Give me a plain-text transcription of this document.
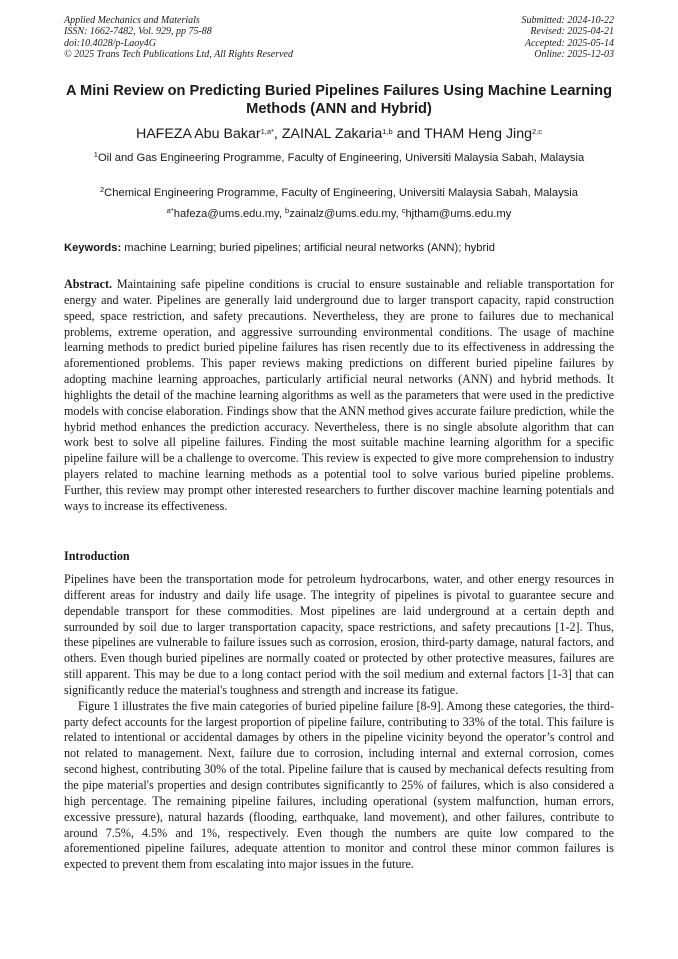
Applied Mechanics and Materials
ISSN: 1662-7482, Vol. 929, pp 75-88
doi:10.4028/p-Laoy4G
© 2025 Trans Tech Publications Ltd, All Rights Reserved
Submitted: 2024-10-22
Revised: 2025-04-21
Accepted: 2025-05-14
Online: 2025-12-03
A Mini Review on Predicting Buried Pipelines Failures Using Machine Learning Methods (ANN and Hybrid)
HAFEZA Abu Bakar$^{1,a*}$, ZAINAL Zakaria$^{1,b}$ and THAM Heng Jing$^{2,c}$
$^1$Oil and Gas Engineering Programme, Faculty of Engineering, Universiti Malaysia Sabah, Malaysia
$^2$Chemical Engineering Programme, Faculty of Engineering, Universiti Malaysia Sabah, Malaysia
$^{a*}$hafeza@ums.edu.my, $^b$zainalz@ums.edu.my, $^c$hjtham@ums.edu.my
Keywords: machine Learning; buried pipelines; artificial neural networks (ANN); hybrid
Abstract. Maintaining safe pipeline conditions is crucial to ensure sustainable and reliable transportation for energy and water. Pipelines are generally laid underground due to larger transport capacity, rapid construction speed, space restriction, and safety precautions. Nevertheless, they are prone to failures due to mechanical problems, extreme operation, and aggressive surrounding environmental conditions. The usage of machine learning methods to predict buried pipeline failures has risen recently due to its effectiveness in addressing the aforementioned problems. This paper reviews making predictions on different buried pipeline failures by adopting machine learning approaches, particularly artificial neural networks (ANN) and hybrid methods. It highlights the detail of the machine learning algorithms as well as the parameters that were used in the predictive models with concise elaboration. Findings show that the ANN method gives accurate failure prediction, while the hybrid method enhances the prediction accuracy. Nevertheless, there is no single absolute algorithm that can work best to solve all pipeline failures. Finding the most suitable machine learning algorithm for a specific pipeline failure will be a challenge to overcome. This review is expected to give more comprehension to industry players related to machine learning methods as a potential tool to solve various buried pipeline problems. Further, this review may prompt other interested researchers to further discover machine learning potentials and ways to increase its effectiveness.
Introduction

Pipelines have been the transportation mode for petroleum hydrocarbons, water, and other energy resources in different areas for industry and daily life usage. The integrity of pipelines is pivotal to guarantee secure and dependable transport for these commodities. Most pipelines are laid underground at a certain depth and surrounded by soil due to larger transportation capacity, space restrictions, and safety precautions [1-2]. Thus, these pipelines are vulnerable to failure issues such as corrosion, erosion, third-party damage, natural factors, and others. Even though buried pipelines are normally coated or protected by other protective measures, failures are still apparent. This may be due to a long contact period with the soil medium and external factors [1-3] that can significantly reduce the material's toughness and strength and increase its fatigue.

Figure 1 illustrates the five main categories of buried pipeline failure [8-9]. Among these categories, the third-party defect accounts for the largest proportion of pipeline failure, contributing to 33% of the total. This failure is related to intentional or accidental damages by others in the pipeline vicinity beyond the operator’s control and not related to management. Next, failure due to corrosion, including internal and external corrosion, comes second highest, contributing 30% of the total. Pipeline failure that is caused by mechanical defects resulting from the pipe material's properties and design contributes significantly to 25% of failures, which is also considered a high percentage. The remaining pipeline failures, including operational (system malfunction, human errors, excessive pressure), natural hazards (flooding, earthquake, land movement), and other failures, contribute to around 7.5%, 4.5% and 1%, respectively. Even though the numbers are quite low compared to the aforementioned pipeline failures, adequate attention to monitor and control these minor common failures is expected to prevent them from escalating into major issues in the future.
